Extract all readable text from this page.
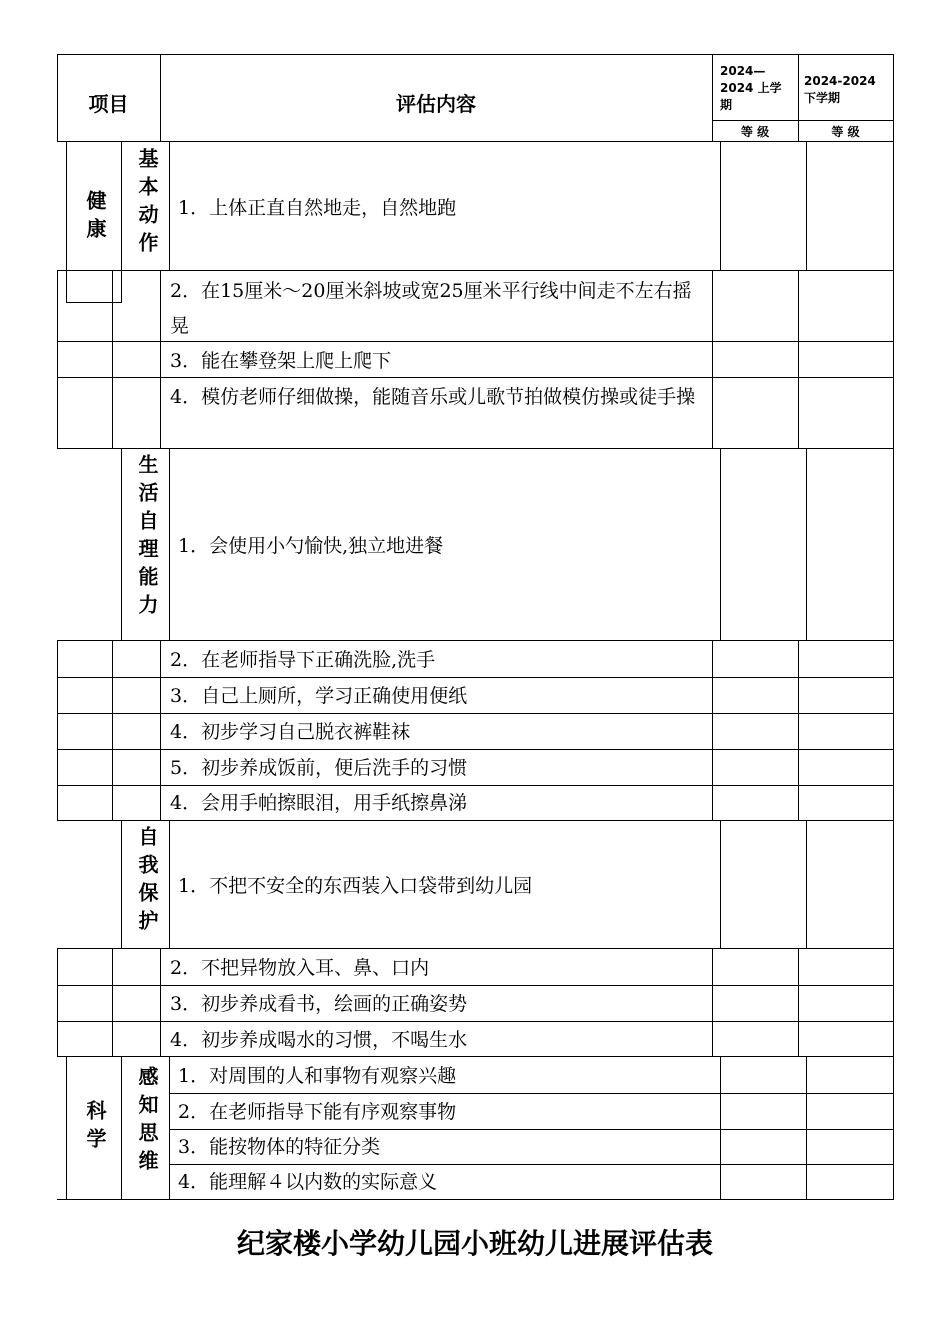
项目	评估内容
2024—
2024 上学
期
2024-2024
下学期
等 级	等 级
健康 基本动作
生活自理能力
自我保护
科学 感知思维
1．上体正直自然地走，自然地跑
2．在15厘米～20厘米斜坡或宽25厘米平行线中间走不左右摇晃
3．能在攀登架上爬上爬下
4．模仿老师仔细做操，能随音乐或儿歌节拍做模仿操或徒手操
1．会使用小勺愉快,独立地进餐
2．在老师指导下正确洗脸,洗手
3．自己上厕所，学习正确使用便纸
4．初步学习自己脱衣裤鞋袜
5．初步养成饭前，便后洗手的习惯
4．会用手帕擦眼泪，用手纸擦鼻涕
1．不把不安全的东西装入口袋带到幼儿园
2．不把异物放入耳、鼻、口内
3．初步养成看书，绘画的正确姿势
4．初步养成喝水的习惯，不喝生水
1．对周围的人和事物有观察兴趣
2．在老师指导下能有序观察事物
3．能按物体的特征分类
4．能理解４以内数的实际意义
纪家楼小学幼儿园小班幼儿进展评估表
